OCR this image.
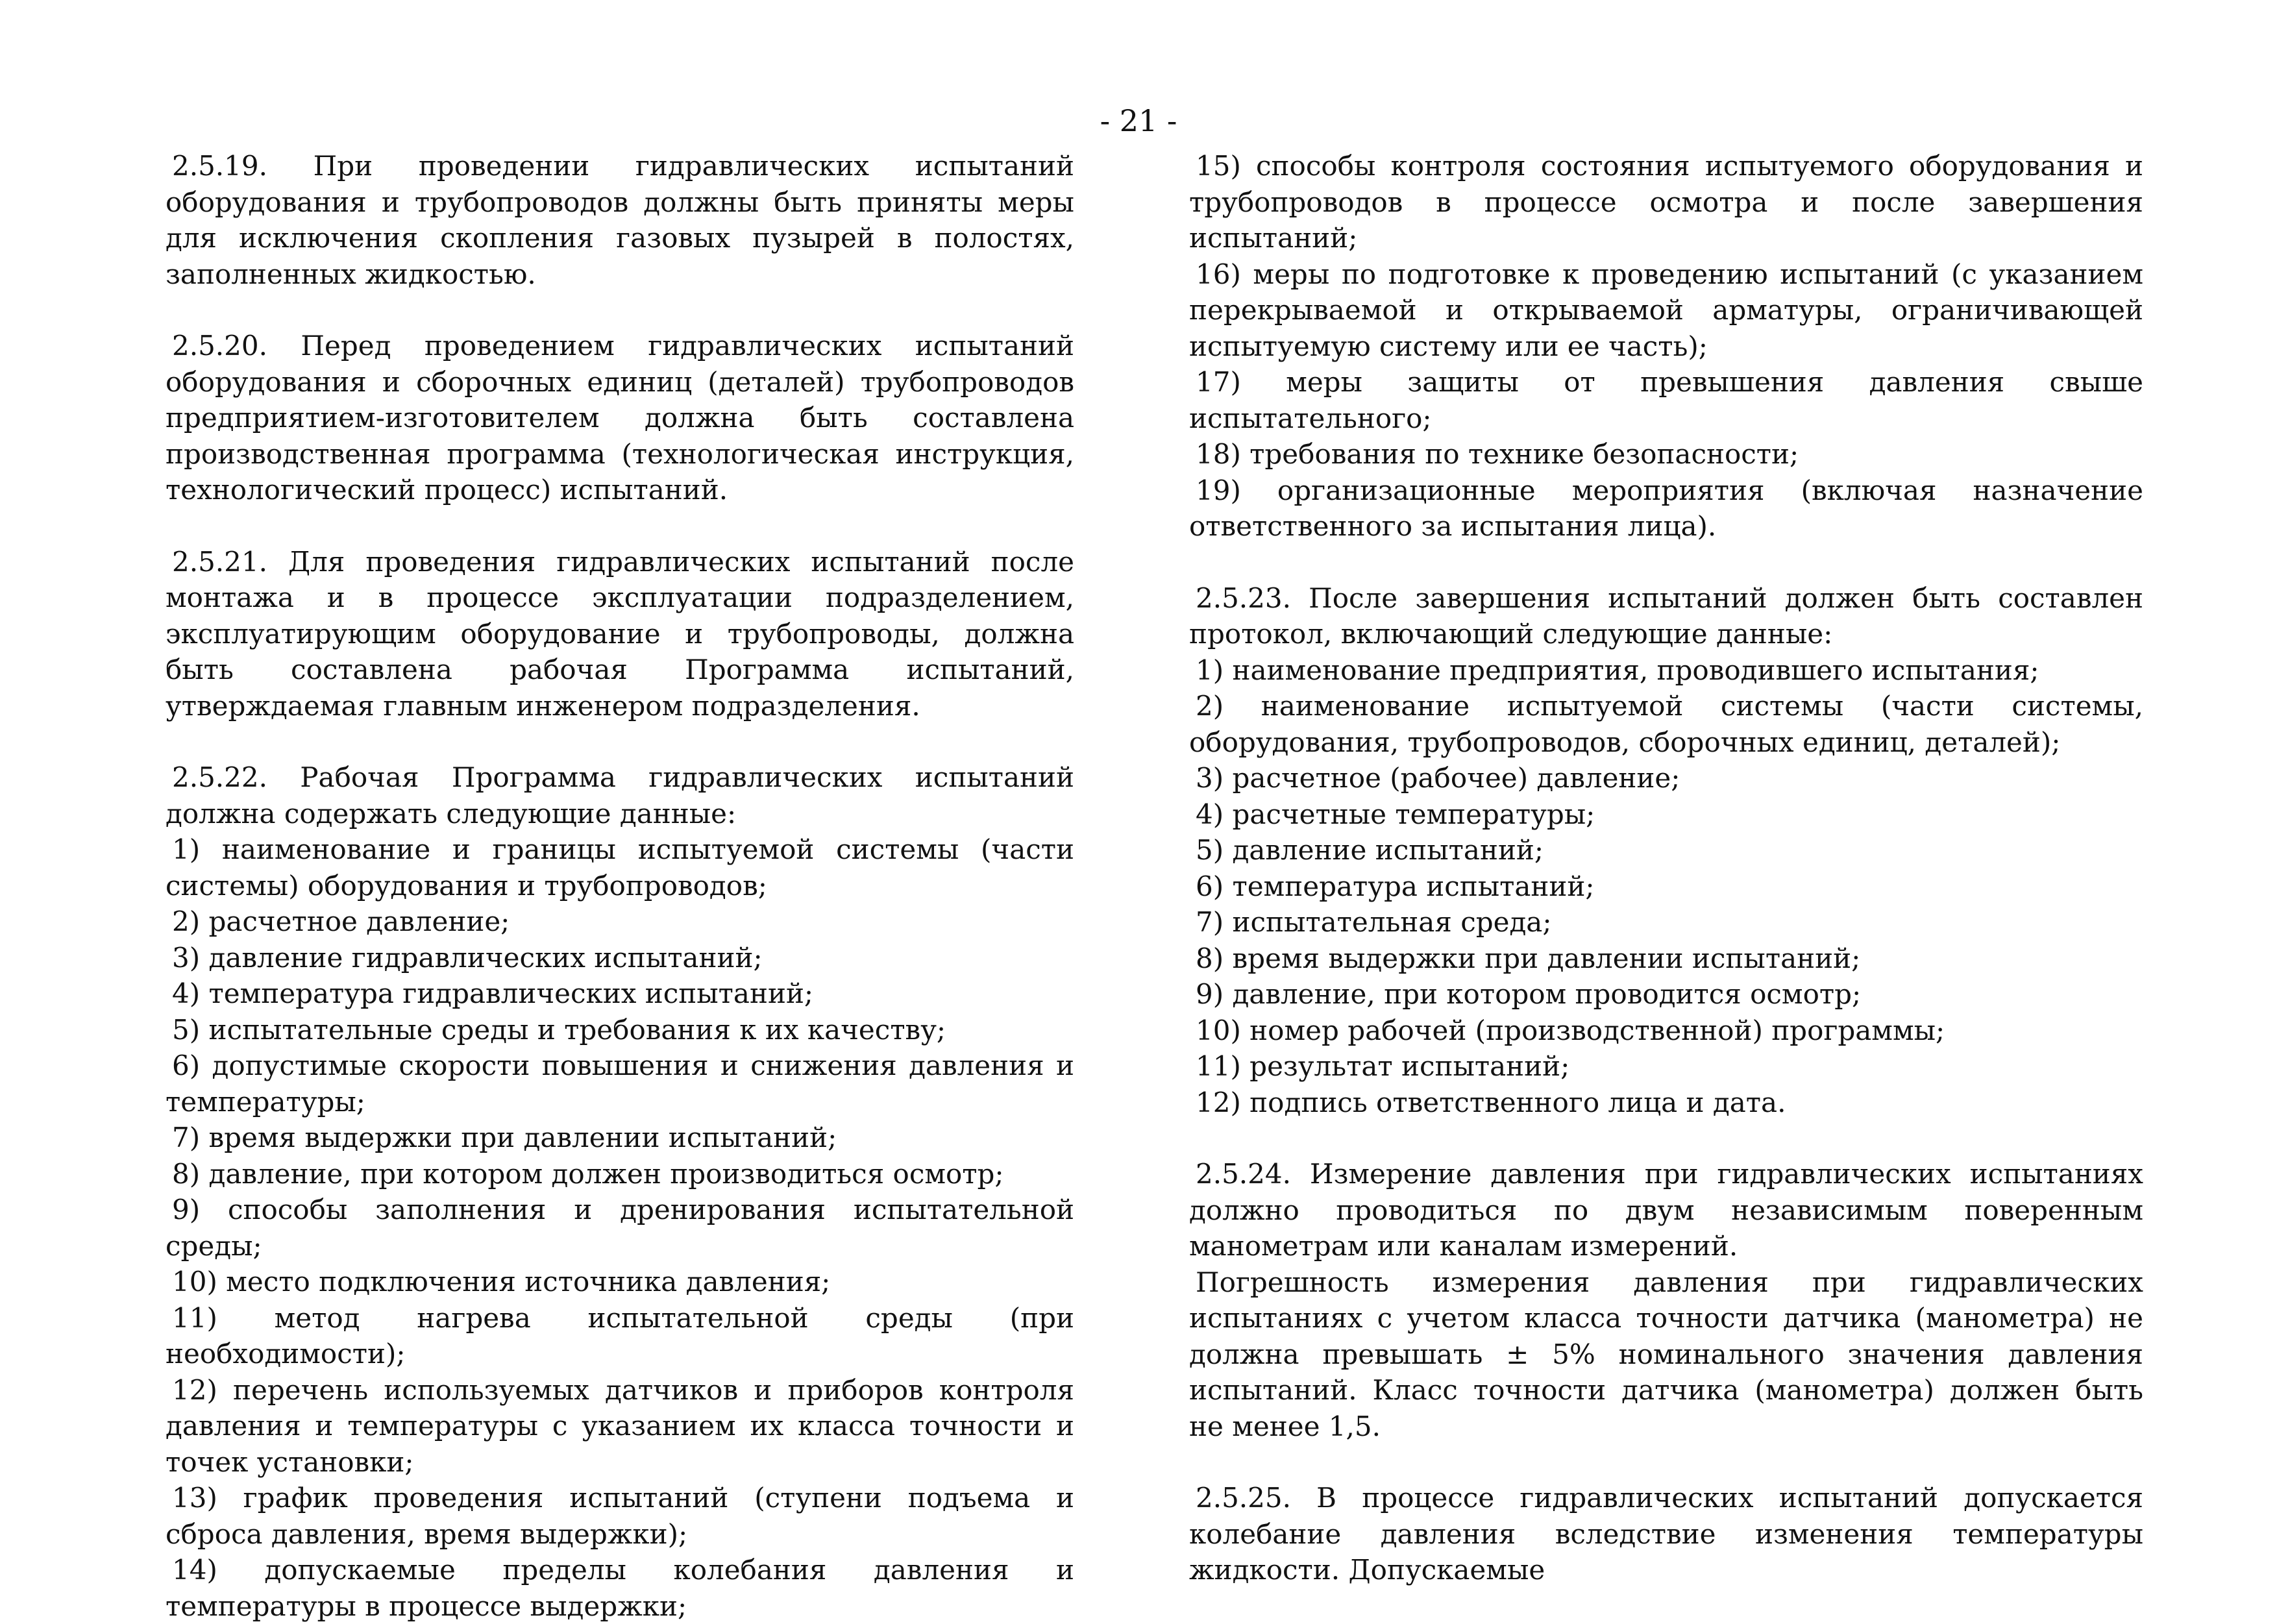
- 21 -

2.5.19. При проведении гидравлических испытаний оборудования и трубопроводов должны быть приняты меры для исключения скопления газовых пузырей в полостях, заполненных жидкостью.

2.5.20. Перед проведением гидравлических испытаний оборудования и сборочных единиц (деталей) трубопроводов предприятием-изготовителем должна быть составлена производственная программа (технологическая инструкция, технологический процесс) испытаний.

2.5.21. Для проведения гидравлических испытаний после монтажа и в процессе эксплуатации подразделением, эксплуатирующим оборудование и трубопроводы, должна быть составлена рабочая Программа испытаний, утверждаемая главным инженером подразделения.

2.5.22. Рабочая Программа гидравлических испытаний должна содержать следующие данные:

1) наименование и границы испытуемой системы (части системы) оборудования и трубопроводов;

2) расчетное давление;

3) давление гидравлических испытаний;

4) температура гидравлических испытаний;

5) испытательные среды и требования к их качеству;

6) допустимые скорости повышения и снижения давления и температуры;

7) время выдержки при давлении испытаний;

8) давление, при котором должен производиться осмотр;

9) способы заполнения и дренирования испытательной среды;

10) место подключения источника давления;

11) метод нагрева испытательной среды (при необходимости);

12) перечень используемых датчиков и приборов контроля давления и температуры с указанием их класса точности и точек установки;

13) график проведения испытаний (ступени подъема и сброса давления, время выдержки);

14) допускаемые пределы колебания давления и температуры в процессе выдержки;

15) способы контроля состояния испытуемого оборудования и трубопроводов в процессе осмотра и после завершения испытаний;

16) меры по подготовке к проведению испытаний (с указанием перекрываемой и открываемой арматуры, ограничивающей испытуемую систему или ее часть);

17) меры защиты от превышения давления свыше испытательного;

18) требования по технике безопасности;

19) организационные мероприятия (включая назначение ответственного за испытания лица).

2.5.23. После завершения испытаний должен быть составлен протокол, включающий следующие данные:

1) наименование предприятия, проводившего испытания;

2) наименование испытуемой системы (части системы, оборудования, трубопроводов, сборочных единиц, деталей);

3) расчетное (рабочее) давление;

4) расчетные температуры;

5) давление испытаний;

6) температура испытаний;

7) испытательная среда;

8) время выдержки при давлении испытаний;

9) давление, при котором проводится осмотр;

10) номер рабочей (производственной) программы;

11) результат испытаний;

12) подпись ответственного лица и дата.

2.5.24. Измерение давления при гидравлических испытаниях должно проводиться по двум независимым поверенным манометрам или каналам измерений.

Погрешность измерения давления при гидравлических испытаниях с учетом класса точности датчика (манометра) не должна превышать ± 5% номинального значения давления испытаний. Класс точности датчика (манометра) должен быть не менее 1,5.

2.5.25. В процессе гидравлических испытаний допускается колебание давления вследствие изменения температуры жидкости. Допускаемые
